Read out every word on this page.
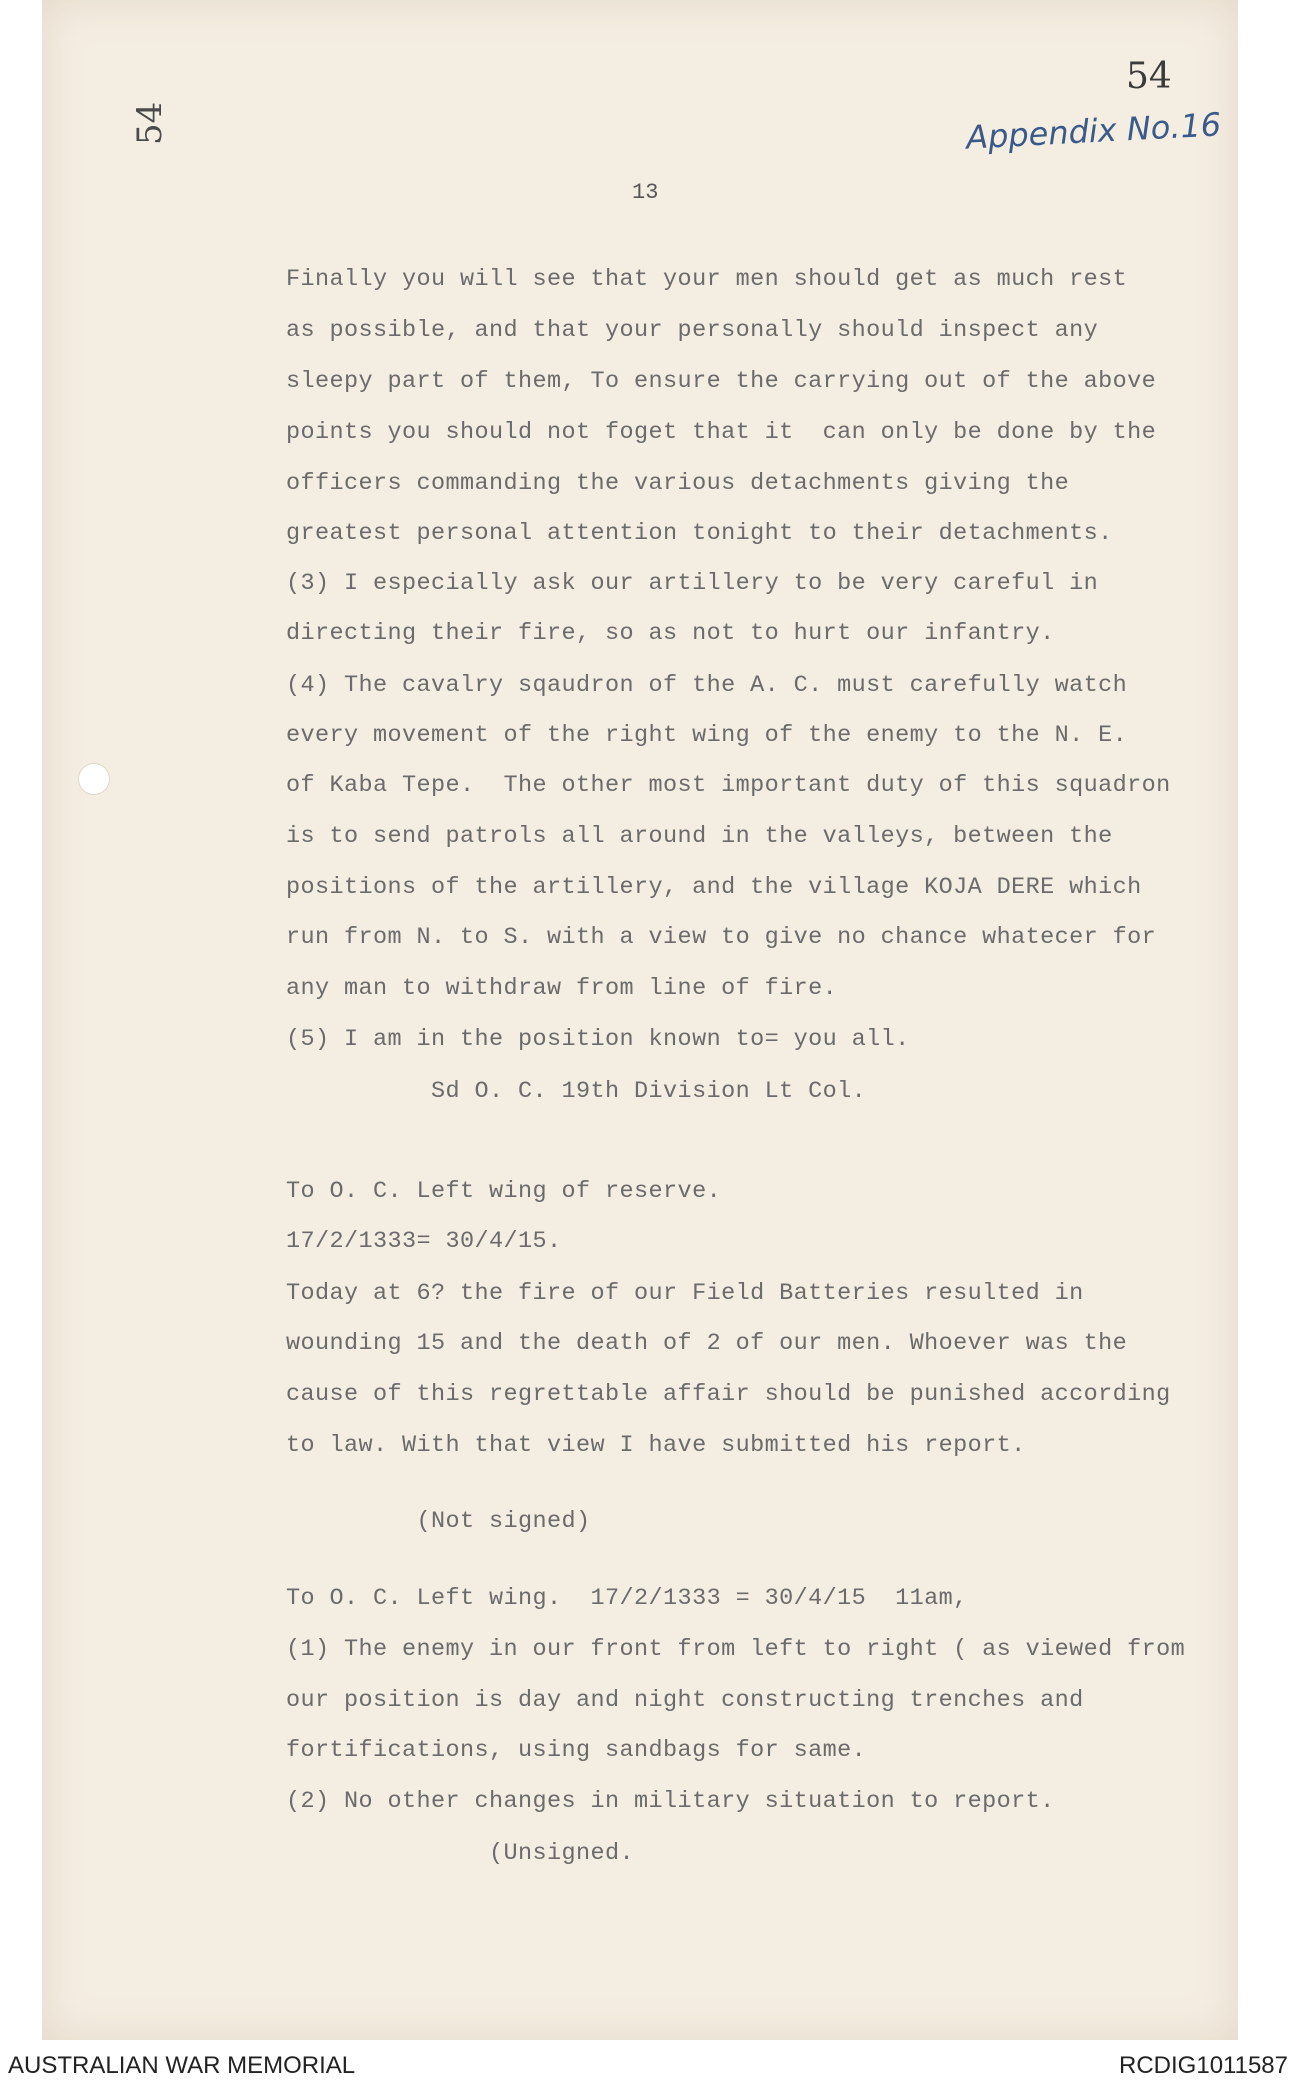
54
54	Appendix No.16
13
Finally you will see that your men should get as much rest
as possible, and that your personally should inspect any
sleepy part of them, To ensure the carrying out of the above
points you should not foget that it  can only be done by the
officers commanding the various detachments giving the
greatest personal attention tonight to their detachments.
(3) I especially ask our artillery to be very careful in
directing their fire, so as not to hurt our infantry.
(4) The cavalry sqaudron of the A. C. must carefully watch
every movement of the right wing of the enemy to the N. E.
of Kaba Tepe.  The other most important duty of this squadron
is to send patrols all around in the valleys, between the
positions of the artillery, and the village KOJA DERE which
run from N. to S. with a view to give no chance whatecer for
any man to withdraw from line of fire.
(5) I am in the position known to= you all.
Sd O. C. 19th Division Lt Col.
To O. C. Left wing of reserve.
17/2/1333= 30/4/15.
Today at 6? the fire of our Field Batteries resulted in
wounding 15 and the death of 2 of our men. Whoever was the
cause of this regrettable affair should be punished according
to law. With that view I have submitted his report.
(Not signed)
To O. C. Left wing.  17/2/1333 = 30/4/15  11am,
(1) The enemy in our front from left to right ( as viewed from
our position is day and night constructing trenches and
fortifications, using sandbags for same.
(2) No other changes in military situation to report.
(Unsigned.
AUSTRALIAN WAR MEMORIAL	RCDIG1011587
